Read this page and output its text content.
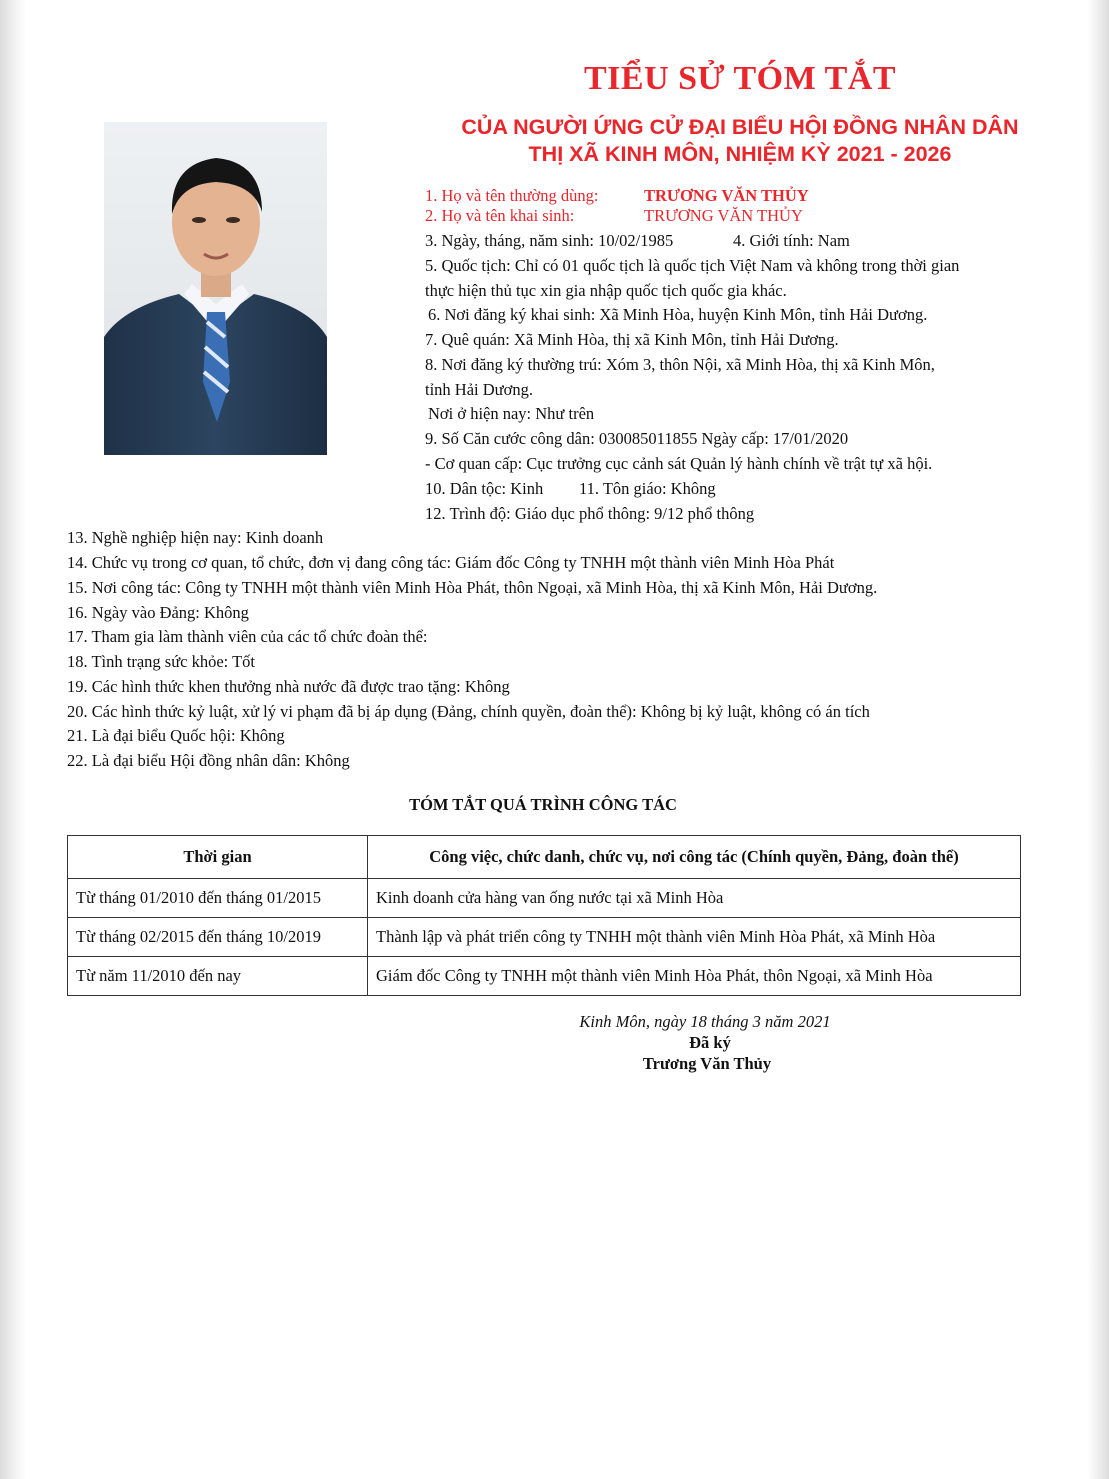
TIỂU SỬ TÓM TẮT
CỦA NGƯỜI ỨNG CỬ ĐẠI BIỂU HỘI ĐỒNG NHÂN DÂN
THỊ XÃ KINH MÔN, NHIỆM KỲ 2021 - 2026
1. Họ và tên thường dùng:	TRƯƠNG VĂN THỦY
2. Họ và tên khai sinh:	TRƯƠNG VĂN THỦY
3. Ngày, tháng, năm sinh: 10/02/1985	4. Giới tính: Nam
5. Quốc tịch: Chỉ có 01 quốc tịch là quốc tịch Việt Nam và không trong thời gian
thực hiện thủ tục xin gia nhập quốc tịch quốc gia khác.
6. Nơi đăng ký khai sinh: Xã Minh Hòa, huyện Kinh Môn, tỉnh Hải Dương.
7. Quê quán: Xã Minh Hòa, thị xã Kinh Môn, tỉnh Hải Dương.
8. Nơi đăng ký thường trú: Xóm 3, thôn Nội, xã Minh Hòa, thị xã Kinh Môn,
tỉnh Hải Dương.
Nơi ở hiện nay: Như trên
9. Số Căn cước công dân: 030085011855 Ngày cấp: 17/01/2020
- Cơ quan cấp: Cục trưởng cục cảnh sát Quản lý hành chính về trật tự xã hội.
10. Dân tộc: Kinh 11. Tôn giáo: Không
12. Trình độ: Giáo dục phổ thông: 9/12 phổ thông
13. Nghề nghiệp hiện nay: Kinh doanh
14. Chức vụ trong cơ quan, tổ chức, đơn vị đang công tác: Giám đốc Công ty TNHH một thành viên Minh Hòa Phát
15. Nơi công tác: Công ty TNHH một thành viên Minh Hòa Phát, thôn Ngoại, xã Minh Hòa, thị xã Kinh Môn, Hải Dương.
16. Ngày vào Đảng: Không
17. Tham gia làm thành viên của các tổ chức đoàn thể:
18. Tình trạng sức khỏe: Tốt
19. Các hình thức khen thưởng nhà nước đã được trao tặng: Không
20. Các hình thức kỷ luật, xử lý vi phạm đã bị áp dụng (Đảng, chính quyền, đoàn thể): Không bị kỷ luật, không có án tích
21. Là đại biểu Quốc hội: Không
22. Là đại biểu Hội đồng nhân dân: Không
TÓM TẮT QUÁ TRÌNH CÔNG TÁC
Thời gian	Công việc, chức danh, chức vụ, nơi công tác (Chính quyền, Đảng, đoàn thể)
Từ tháng 01/2010 đến tháng 01/2015	Kinh doanh cửa hàng van ống nước tại xã Minh Hòa
Từ tháng 02/2015 đến tháng 10/2019	Thành lập và phát triển công ty TNHH một thành viên Minh Hòa Phát, xã Minh Hòa
Từ năm 11/2010 đến nay	Giám đốc Công ty TNHH một thành viên Minh Hòa Phát, thôn Ngoại, xã Minh Hòa
Kinh Môn, ngày 18 tháng 3 năm 2021
Đã ký
Trương Văn Thủy
